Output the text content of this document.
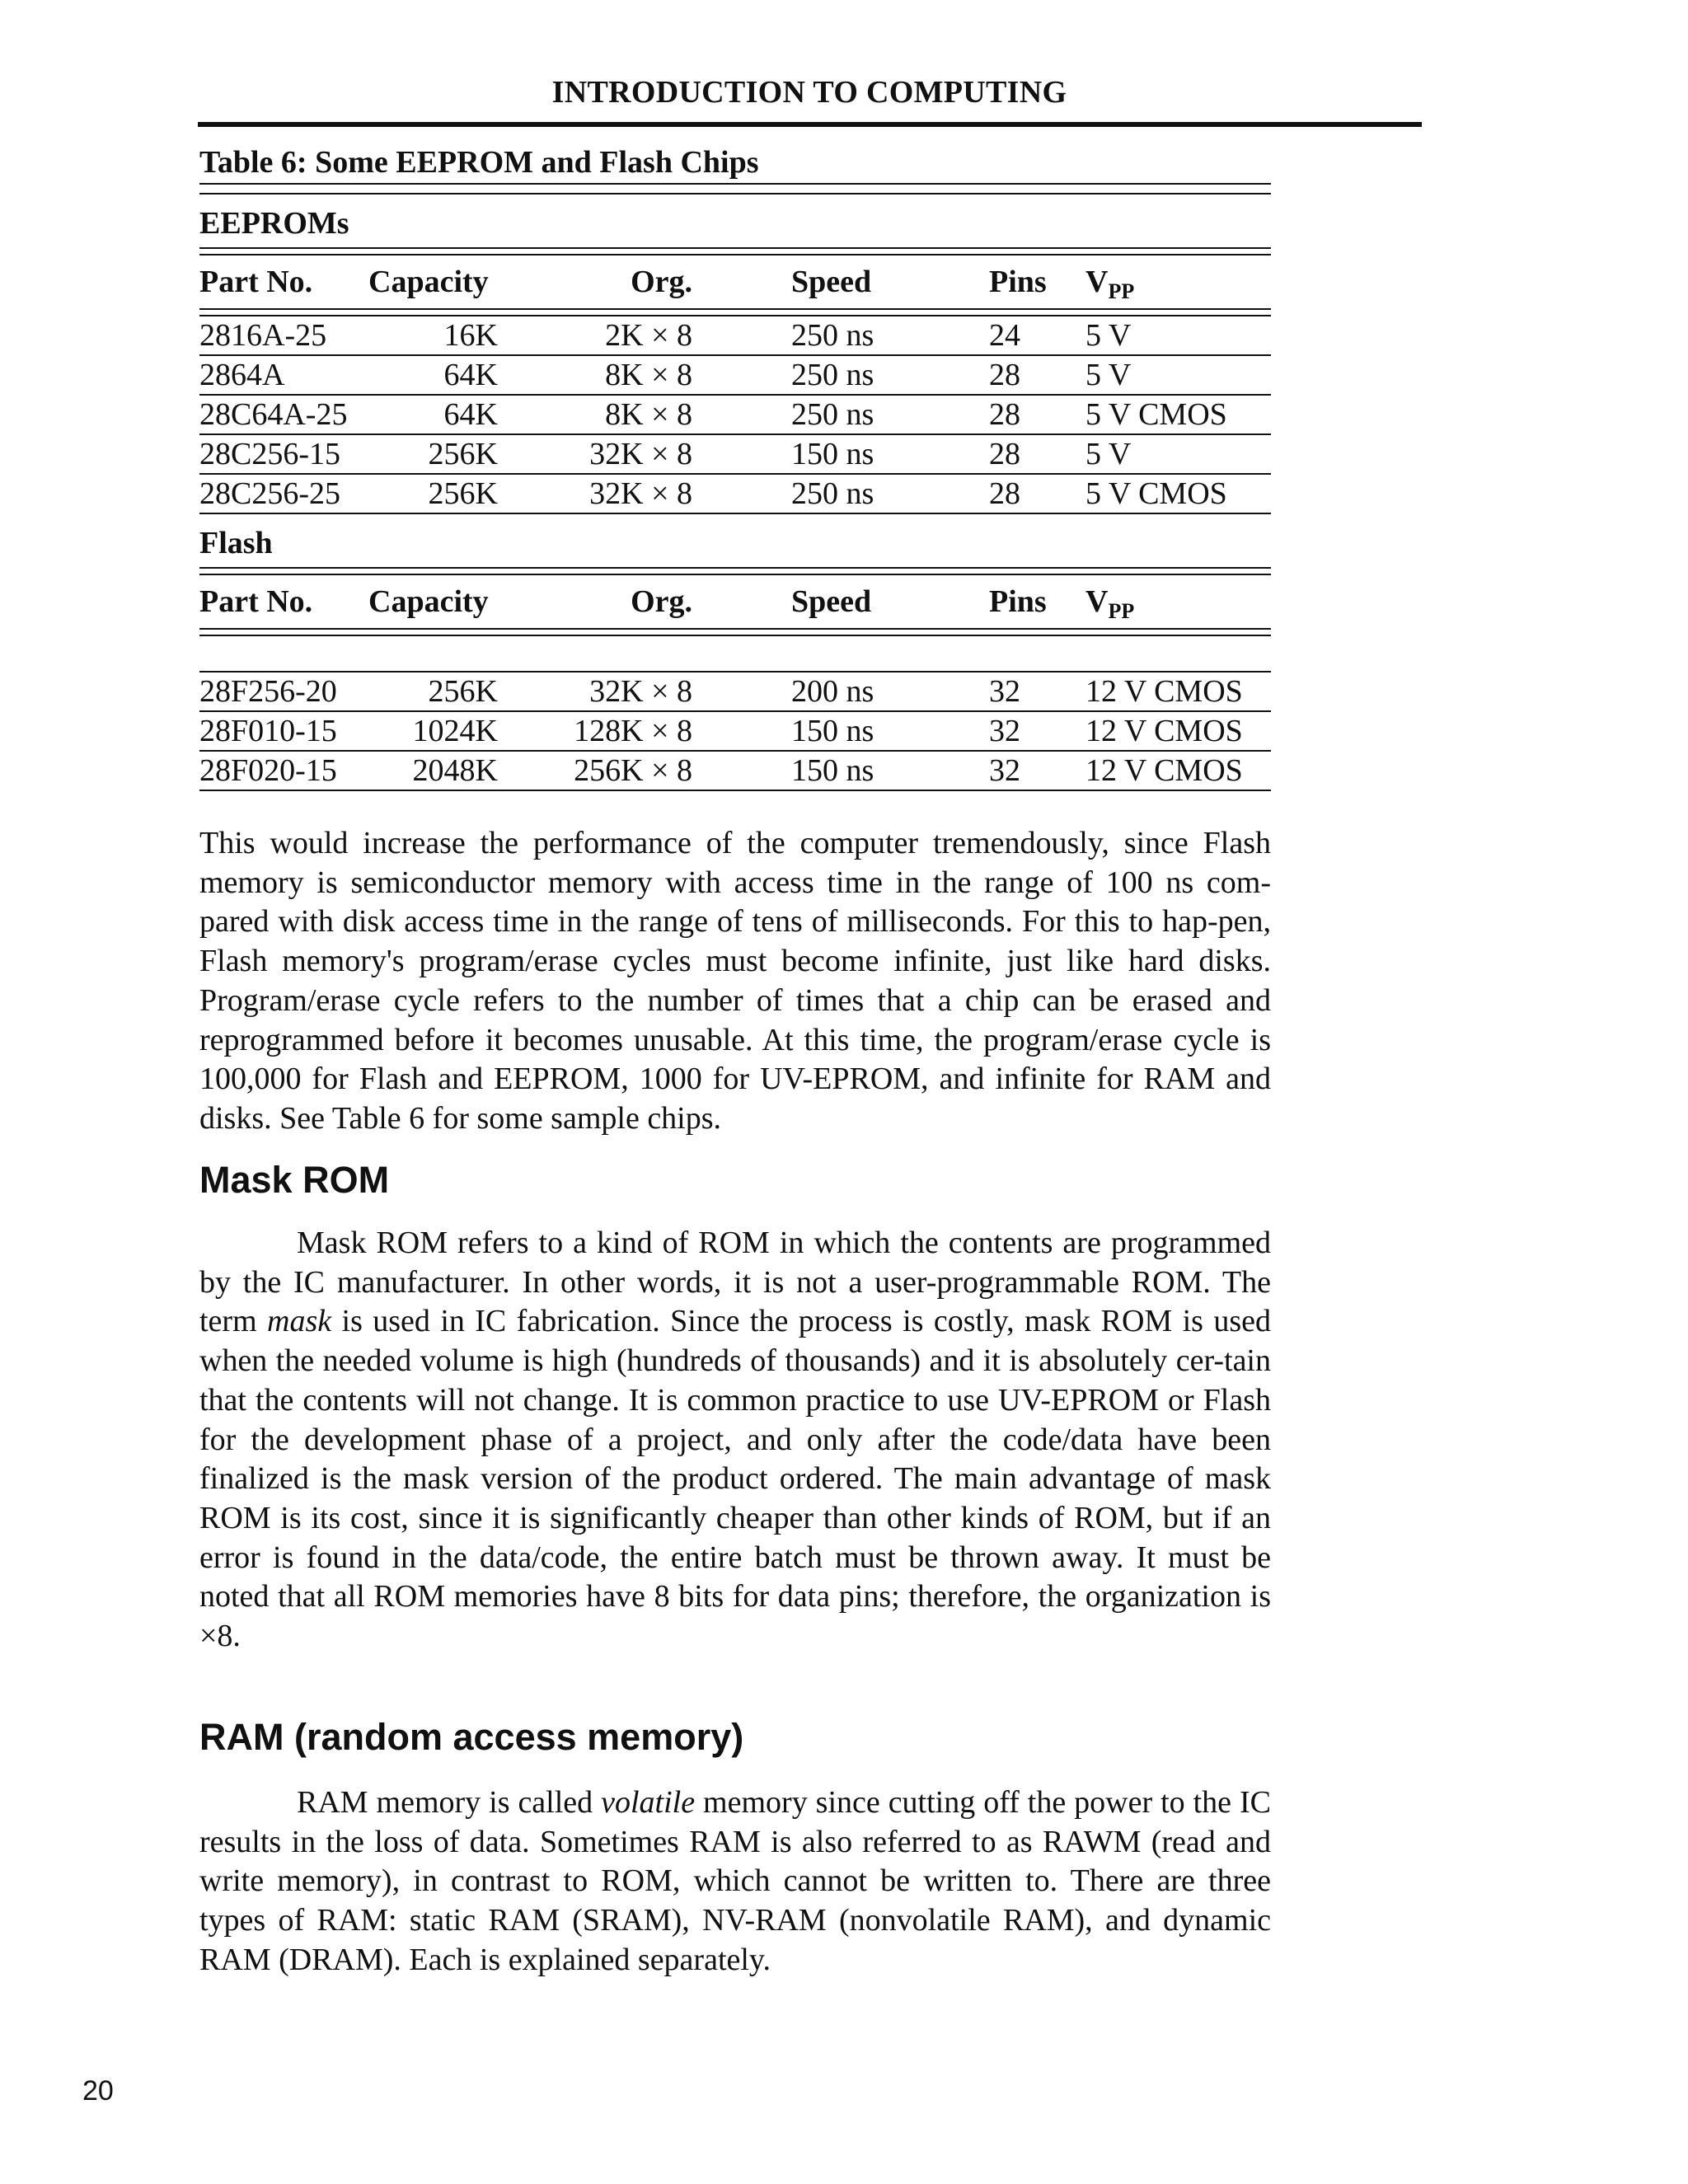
INTRODUCTION TO COMPUTING
Table 6: Some EEPROM and Flash Chips
EEPROMs
Part No. Capacity	Org.	Speed	Pins $V_{PP}$
2816A-25	16K	2K × 8	250 ns	24 5 V
2864A	64K	8K × 8	250 ns	28 5 V
28C64A-25	64K	8K × 8	250 ns	28 5 V CMOS
28C256-15	256K	32K × 8	150 ns	28 5 V
28C256-25	256K	32K × 8	250 ns	28 5 V CMOS
Flash
Part No. Capacity	Org.	Speed	Pins $V_{PP}$
28F256-20	256K	32K × 8	200 ns	32 12 V CMOS
28F010-15 1024K 128K × 8	150 ns	32 12 V CMOS
28F020-15 2048K 256K × 8	150 ns	32 12 V CMOS

This would increase the performance of the computer tremendously, since Flash memory is semiconductor memory with access time in the range of 100 ns com-pared with disk access time in the range of tens of milliseconds. For this to hap-pen, Flash memory's program/erase cycles must become infinite, just like hard disks. Program/erase cycle refers to the number of times that a chip can be erased and reprogrammed before it becomes unusable. At this time, the program/erase cycle is 100,000 for Flash and EEPROM, 1000 for UV-EPROM, and infinite for RAM and disks. See Table 6 for some sample chips.

Mask ROM

Mask ROM refers to a kind of ROM in which the contents are programmed by the IC manufacturer. In other words, it is not a user-programmable ROM. The term mask is used in IC fabrication. Since the process is costly, mask ROM is used when the needed volume is high (hundreds of thousands) and it is absolutely cer-tain that the contents will not change. It is common practice to use UV-EPROM or Flash for the development phase of a project, and only after the code/data have been finalized is the mask version of the product ordered. The main advantage of mask ROM is its cost, since it is significantly cheaper than other kinds of ROM, but if an error is found in the data/code, the entire batch must be thrown away. It must be noted that all ROM memories have 8 bits for data pins; therefore, the organization is ×8.

RAM (random access memory)

RAM memory is called volatile memory since cutting off the power to the IC results in the loss of data. Sometimes RAM is also referred to as RAWM (read and write memory), in contrast to ROM, which cannot be written to. There are three types of RAM: static RAM (SRAM), NV-RAM (nonvolatile RAM), and dynamic RAM (DRAM). Each is explained separately.

20
